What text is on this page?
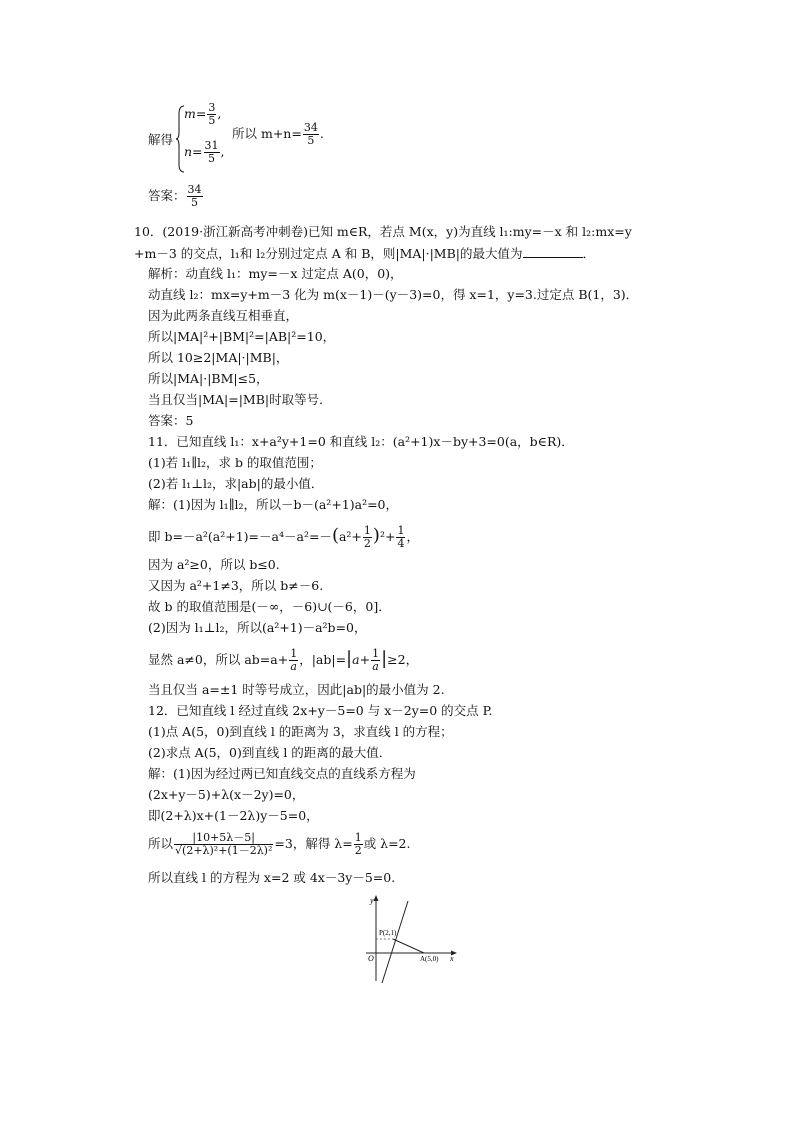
解得
$m= \frac{3}{5}$ ,
$n= \frac{31}{5}$ ,
所以 $m+n= \frac{34}{5}$ .
答案： $\frac{34}{5}$
10．(2019·浙江新高考冲刺卷)已知 m∈R，若点 M(x，y)为直线 l₁:my=－x 和 l₂:mx=y
+m－3 的交点，l₁和 l₂分别过定点 A 和 B，则|MA|·|MB|的最大值为	．
解析：动直线 l₁：my=－x 过定点 A(0，0)，
动直线 l₂：mx=y+m－3 化为 m(x－1)－(y－3)=0，得 x=1，y=3.过定点 B(1，3)．
因为此两条直线互相垂直，
所以|MA|²+|BM|²=|AB|²=10，
所以 10≥2|MA|·|MB|，
所以|MA|·|BM|≤5，
当且仅当|MA|=|MB|时取等号．
答案：5
11．已知直线 l₁：x+a²y+1=0 和直线 l₂：(a²+1)x－by+3=0(a，b∈R)．
(1)若 l₁∥l₂，求 b 的取值范围；
(2)若 l₁⊥l₂，求|ab|的最小值．
解：(1)因为 l₁∥l₂，所以－b－(a²+1)a²=0，
即 $b=-a^2(a^2+1)=-a^4-a^2=-(a^2+ \frac{1}{2} )^2+ \frac{1}{4}$ ，
因为 a²≥0，所以 b≤0.
又因为 a²+1≠3，所以 b≠－6.
故 b 的取值范围是(－∞，－6)∪(－6，0]．
(2)因为 l₁⊥l₂，所以(a²+1)－a²b=0，
显然 a≠0，所以 $ab=a+ \frac{1}{a}$ ，$|ab|=|a+ \frac{1}{a} |\ge 2$，
当且仅当 a=±1 时等号成立，因此|ab|的最小值为 2.
12．已知直线 l 经过直线 2x+y－5=0 与 x－2y=0 的交点 P.
(1)点 A(5，0)到直线 l 的距离为 3，求直线 l 的方程；
(2)求点 A(5，0)到直线 l 的距离的最大值．
解：(1)因为经过两已知直线交点的直线系方程为
(2x+y－5)+λ(x－2y)=0，
即(2+λ)x+(1－2λ)y－5=0，
所以 $\frac{|10+5\lambda-5|}{\text{√(2+λ)²+(1－2λ)²}} =3$，解得 $\lambda= \frac{1}{2}$ 或 λ=2.
所以直线 l 的方程为 x=2 或 4x－3y－5=0.
y
x
O
P(2,1)
A(5,0)
